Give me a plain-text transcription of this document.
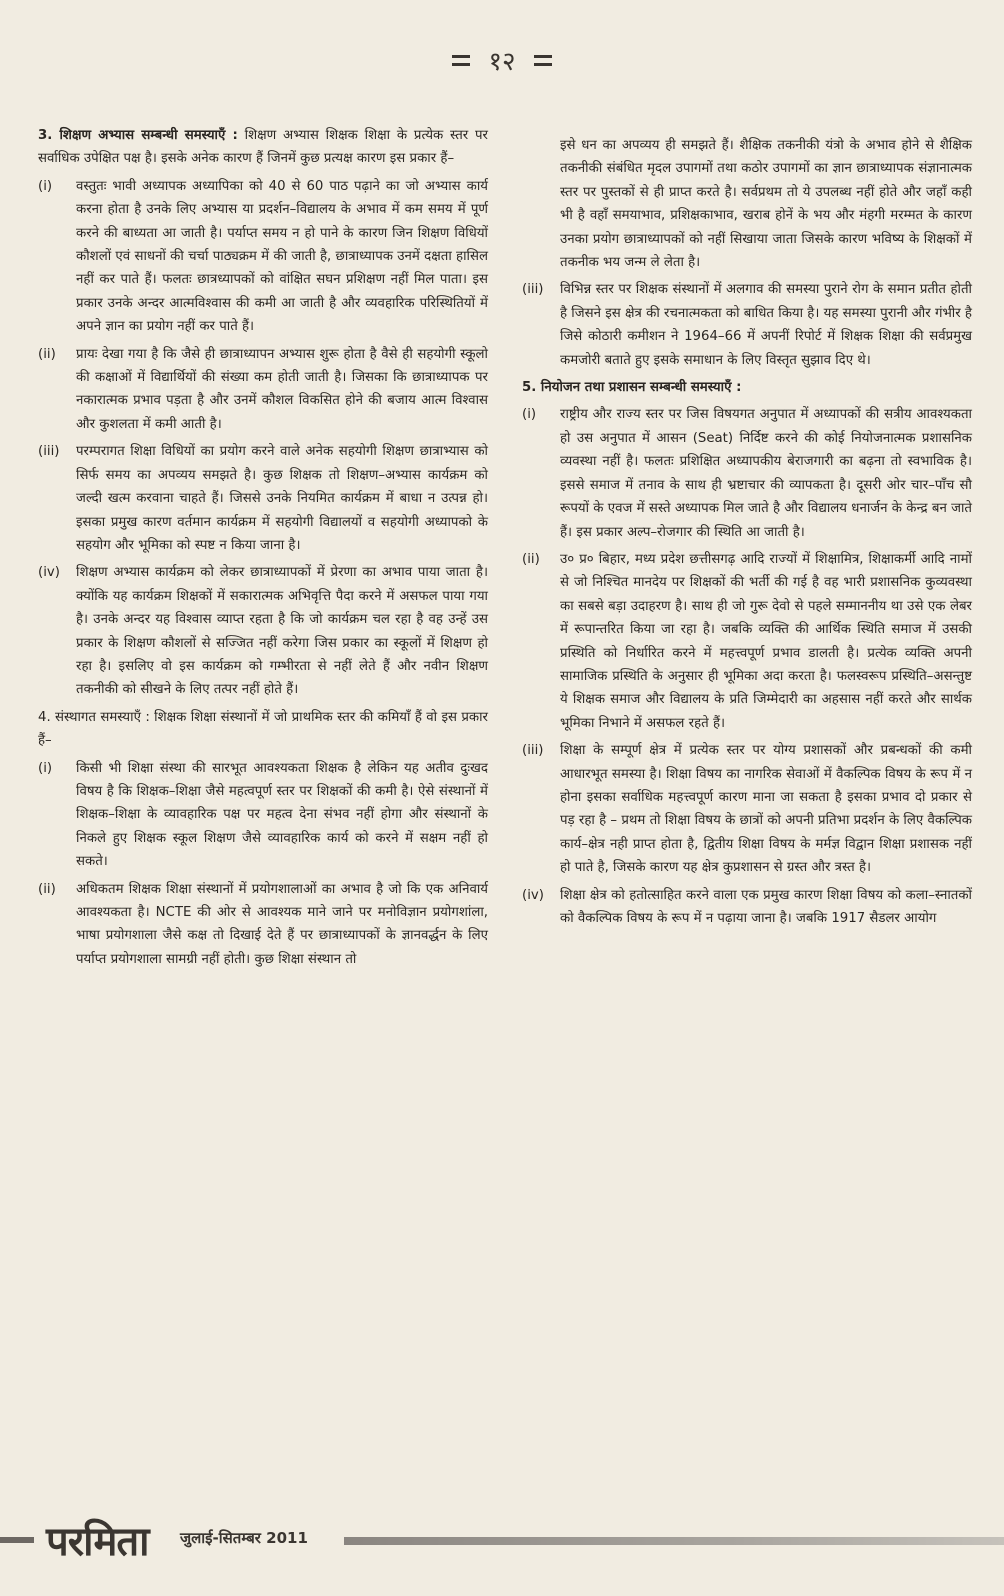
१२

3. शिक्षण अभ्यास सम्बन्धी समस्याएँ : शिक्षण अभ्यास शिक्षक शिक्षा के प्रत्येक स्तर पर सर्वाधिक उपेक्षित पक्ष है। इसके अनेक कारण हैं जिनमें कुछ प्रत्यक्ष कारण इस प्रकार हैं–

(i)	वस्तुतः भावी अध्यापक अध्यापिका को 40 से 60 पाठ पढ़ाने का जो अभ्यास कार्य करना होता है उनके लिए अभ्यास या प्रदर्शन–विद्यालय के अभाव में कम समय में पूर्ण करने की बाध्यता आ जाती है। पर्याप्त समय न हो पाने के कारण जिन शिक्षण विधियों कौशलों एवं साधनों की चर्चा पाठ्यक्रम में की जाती है, छात्राध्यापक उनमें दक्षता हासिल नहीं कर पाते हैं। फलतः छात्रध्यापकों को वांक्षित सघन प्रशिक्षण नहीं मिल पाता। इस प्रकार उनके अन्दर आत्मविश्वास की कमी आ जाती है और व्यवहारिक परिस्थितियों में अपने ज्ञान का प्रयोग नहीं कर पाते हैं।
(ii)	प्रायः देखा गया है कि जैसे ही छात्राध्यापन अभ्यास शुरू होता है वैसे ही सहयोगी स्कूलो की कक्षाओं में विद्यार्थियों की संख्या कम होती जाती है। जिसका कि छात्राध्यापक पर नकारात्मक प्रभाव पड़ता है और उनमें कौशल विकसित होने की बजाय आत्म विश्वास और कुशलता में कमी आती है।
(iii)	परम्परागत शिक्षा विधियों का प्रयोग करने वाले अनेक सहयोगी शिक्षण छात्राभ्यास को सिर्फ समय का अपव्यय समझते है। कुछ शिक्षक तो शिक्षण–अभ्यास कार्यक्रम को जल्दी खत्म करवाना चाहते हैं। जिससे उनके नियमित कार्यक्रम में बाधा न उत्पन्न हो। इसका प्रमुख कारण वर्तमान कार्यक्रम में सहयोगी विद्यालयों व सहयोगी अध्यापको के सहयोग और भूमिका को स्पष्ट न किया जाना है।
(iv)	शिक्षण अभ्यास कार्यक्रम को लेकर छात्राध्यापकों में प्रेरणा का अभाव पाया जाता है। क्योंकि यह कार्यक्रम शिक्षकों में सकारात्मक अभिवृत्ति पैदा करने में असफल पाया गया है। उनके अन्दर यह विश्वास व्याप्त रहता है कि जो कार्यक्रम चल रहा है वह उन्हें उस प्रकार के शिक्षण कौशलों से सज्जित नहीं करेगा जिस प्रकार का स्कूलों में शिक्षण हो रहा है। इसलिए वो इस कार्यक्रम को गम्भीरता से नहीं लेते हैं और नवीन शिक्षण तकनीकी को सीखने के लिए तत्पर नहीं होते हैं।

4. संस्थागत समस्याएँ : शिक्षक शिक्षा संस्थानों में जो प्राथमिक स्तर की कमियाँ हैं वो इस प्रकार हैं–

(i)	किसी भी शिक्षा संस्था की सारभूत आवश्यकता शिक्षक है लेकिन यह अतीव दुःखद विषय है कि शिक्षक–शिक्षा जैसे महत्वपूर्ण स्तर पर शिक्षकों की कमी है। ऐसे संस्थानों में शिक्षक–शिक्षा के व्यावहारिक पक्ष पर महत्व देना संभव नहीं होगा और संस्थानों के निकले हुए शिक्षक स्कूल शिक्षण जैसे व्यावहारिक कार्य को करने में सक्षम नहीं हो सकते।
(ii)	अधिकतम शिक्षक शिक्षा संस्थानों में प्रयोगशालाओं का अभाव है जो कि एक अनिवार्य आवश्यकता है। NCTE की ओर से आवश्यक माने जाने पर मनोविज्ञान प्रयोगशांला, भाषा प्रयोगशाला जैसे कक्ष तो दिखाई देते हैं पर छात्राध्यापकों के ज्ञानवर्द्धन के लिए पर्याप्त प्रयोगशाला सामग्री नहीं होती। कुछ शिक्षा संस्थान तो
इसे धन का अपव्यय ही समझते हैं। शैक्षिक तकनीकी यंत्रो के अभाव होने से शैक्षिक तकनीकी संबंधित मृदल उपागमों तथा कठोर उपागमों का ज्ञान छात्राध्यापक संज्ञानात्मक स्तर पर पुस्तकों से ही प्राप्त करते है। सर्वप्रथम तो ये उपलब्ध नहीं होते और जहाँ कही भी है वहाँ समयाभाव, प्रशिक्षकाभाव, खराब होनें के भय और मंहगी मरम्मत के कारण उनका प्रयोग छात्राध्यापकों को नहीं सिखाया जाता जिसके कारण भविष्य के शिक्षकों में तकनीक भय जन्म ले लेता है।
(iii)	विभिन्न स्तर पर शिक्षक संस्थानों में अलगाव की समस्या पुराने रोग के समान प्रतीत होती है जिसने इस क्षेत्र की रचनात्मकता को बाधित किया है। यह समस्या पुरानी और गंभीर है जिसे कोठारी कमीशन ने 1964–66 में अपनीं रिपोर्ट में शिक्षक शिक्षा की सर्वप्रमुख कमजोरी बताते हुए इसके समाधान के लिए विस्तृत सुझाव दिए थे।

5. नियोजन तथा प्रशासन सम्बन्धी समस्याएँ :

(i)	राष्ट्रीय और राज्य स्तर पर जिस विषयगत अनुपात में अध्यापकों की सत्रीय आवश्यकता हो उस अनुपात में आसन (Seat) निर्दिष्ट करने की कोई नियोजनात्मक प्रशासनिक व्यवस्था नहीं है। फलतः प्रशिक्षित अध्यापकीय बेराजगारी का बढ़ना तो स्वभाविक है। इससे समाज में तनाव के साथ ही भ्रष्टाचार की व्यापकता है। दूसरी ओर चार–पाँच सौ रूपयों के एवज में सस्ते अध्यापक मिल जाते है और विद्यालय धनार्जन के केन्द्र बन जाते हैं। इस प्रकार अल्प–रोजगार की स्थिति आ जाती है।
(ii)	उ० प्र० बिहार, मध्य प्रदेश छत्तीसगढ़ आदि राज्यों में शिक्षामित्र, शिक्षाकर्मी आदि नामों से जो निश्चित मानदेय पर शिक्षकों की भर्ती की गई है वह भारी प्रशासनिक कुव्यवस्था का सबसे बड़ा उदाहरण है। साथ ही जो गुरू देवो से पहले सम्माननीय था उसे एक लेबर में रूपान्तरित किया जा रहा है। जबकि व्यक्ति की आर्थिक स्थिति समाज में उसकी प्रस्थिति को निर्धारित करने में महत्त्वपूर्ण प्रभाव डालती है। प्रत्येक व्यक्ति अपनी सामाजिक प्रस्थिति के अनुसार ही भूमिका अदा करता है। फलस्वरूप प्रस्थिति–असन्तुष्ट ये शिक्षक समाज और विद्यालय के प्रति जिम्मेदारी का अहसास नहीं करते और सार्थक भूमिका निभाने में असफल रहते हैं।
(iii)	शिक्षा के सम्पूर्ण क्षेत्र में प्रत्येक स्तर पर योग्य प्रशासकों और प्रबन्धकों की कमी आधारभूत समस्या है। शिक्षा विषय का नागरिक सेवाओं में वैकल्पिक विषय के रूप में न होना इसका सर्वाधिक महत्त्वपूर्ण कारण माना जा सकता है इसका प्रभाव दो प्रकार से पड़ रहा है – प्रथम तो शिक्षा विषय के छात्रों को अपनी प्रतिभा प्रदर्शन के लिए वैकल्पिक कार्य–क्षेत्र नही प्राप्त होता है, द्वितीय शिक्षा विषय के मर्मज्ञ विद्वान शिक्षा प्रशासक नहीं हो पाते है, जिसके कारण यह क्षेत्र कुप्रशासन से ग्रस्त और त्रस्त है।
(iv)	शिक्षा क्षेत्र को हतोत्साहित करने वाला एक प्रमुख कारण शिक्षा विषय को कला–स्नातकों को वैकल्पिक विषय के रूप में न पढ़ाया जाना है। जबकि 1917 सैडलर आयोग
परमिता जुलाई-सितम्बर 2011
